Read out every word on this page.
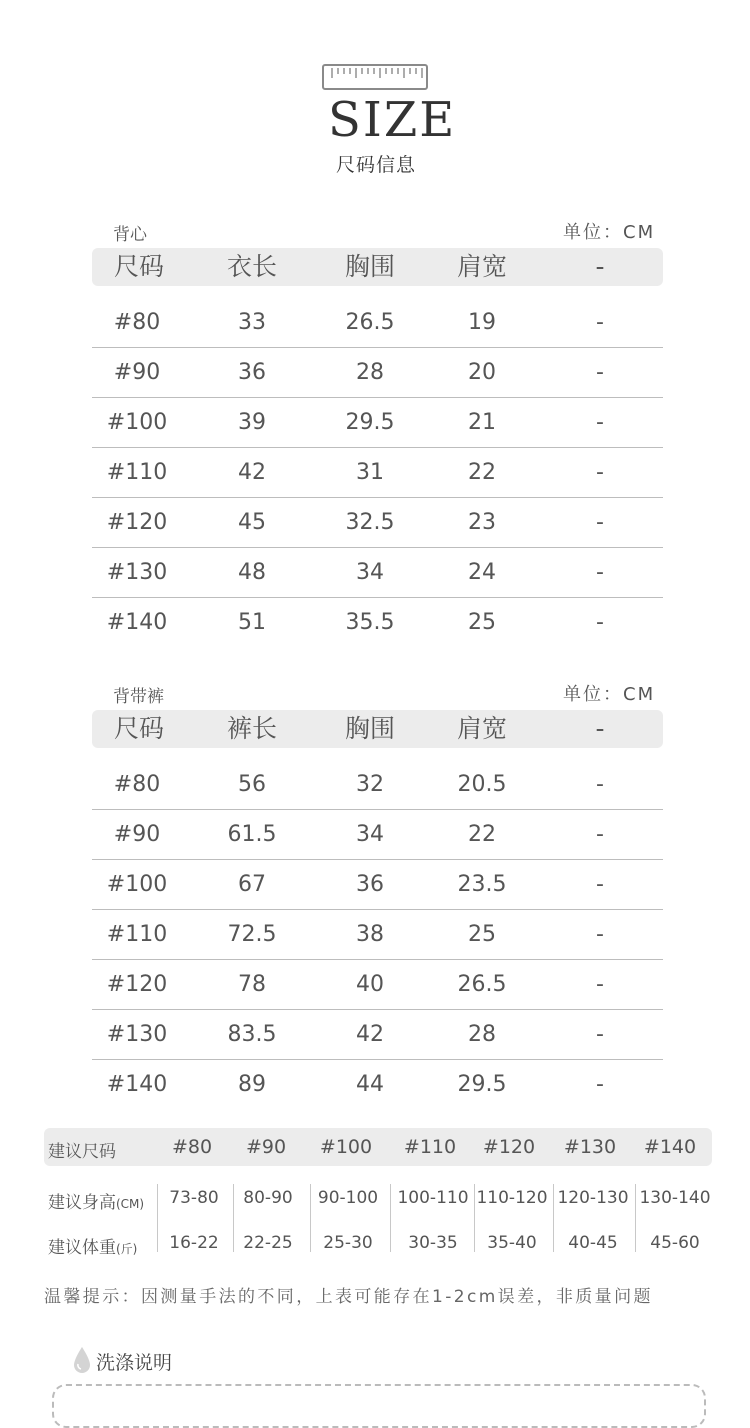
SIZE
尺码信息
背心	单位：CM
尺码	衣长	胸围	肩宽	-
#80	33	26.5	19	-
#90	36	28	20	-
#100	39	29.5	21	-
#110	42	31	22	-
#120	45	32.5	23	-
#130	48	34	24	-
#140	51	35.5	25	-
背带裤	单位：CM
尺码	裤长	胸围	肩宽	-
#80	56	32	20.5	-
#90	61.5	34	22	-
#100	67	36	23.5	-
#110	72.5	38	25	-
#120	78	40	26.5	-
#130	83.5	42	28	-
#140	89	44	29.5	-
建议尺码	#80	#90	#100	#110	#120	#130	#140
建议身高(CM)	73-80	80-90	90-100	100-110 110-120 120-130 130-140
建议体重(斤)	16-22	22-25	25-30	30-35	35-40	40-45	45-60
温馨提示：因测量手法的不同，上表可能存在1-2cm误差，非质量问题
洗涤说明
